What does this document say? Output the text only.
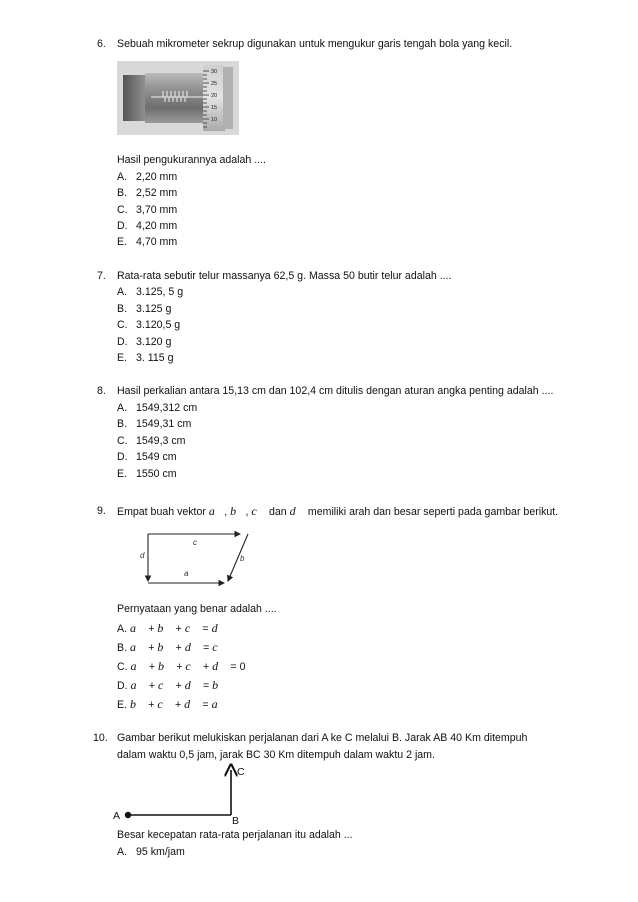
6. Sebuah mikrometer sekrup digunakan untuk mengukur garis tengah bola yang kecil.
30
25
20
15
10
Hasil pengukurannya adalah ....
A. 2,20 mm
B. 2,52 mm
C. 3,70 mm
D. 4,20 mm
E. 4,70 mm
7. Rata-rata sebutir telur massanya 62,5 g. Massa 50 butir telur adalah ....
A. 3.125, 5 g
B. 3.125 g
C. 3.120,5 g
D. 3.120 g
E. 3. 115 g
8. Hasil perkalian antara 15,13 cm dan 102,4 cm ditulis dengan aturan angka penting adalah ....
A. 1549,312 cm
B. 1549,31 cm
C. 1549,3 cm
D. 1549 cm
E. 1550 cm
9. Empat buah vektor a, b, c dan d memiliki arah dan besar seperti pada gambar berikut.
c
d
a
b
Pernyataan yang benar adalah ....
A. a + b + c = d
B. a + b + d = c
C. a + b + c + d = 0
D. a + c + d = b
E. b + c + d = a
10. Gambar berikut melukiskan perjalanan dari A ke C melalui B. Jarak AB 40 Km ditempuh
dalam waktu 0,5 jam, jarak BC 30 Km ditempuh dalam waktu 2 jam.
A	B
C
Besar kecepatan rata-rata perjalanan itu adalah ...
A. 95 km/jam
